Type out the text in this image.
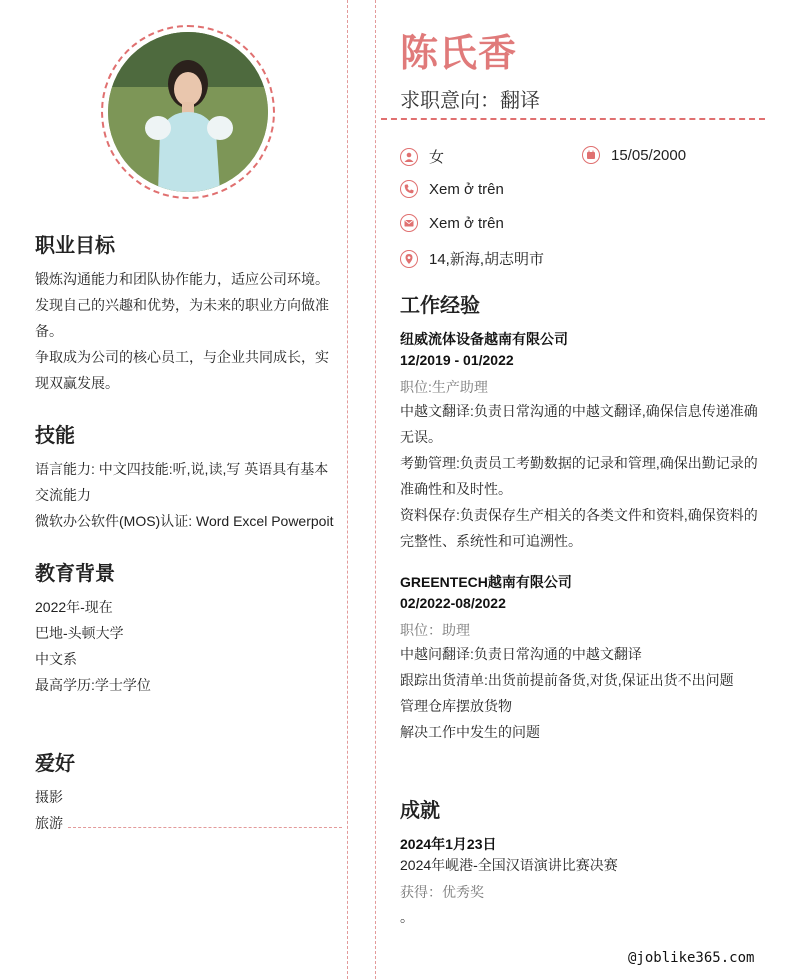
职业目标
锻炼沟通能力和团队协作能力，适应公司环境。
发现自己的兴趣和优势，为未来的职业方向做准备。
争取成为公司的核心员工，与企业共同成长，实现双赢发展。
技能
语言能力: 中文四技能:听,说,读,写 英语具有基本交流能力
微软办公软件(MOS)认证: Word Excel Powerpoit
教育背景
2022年-现在
巴地-头顿大学
中文系
最高学历:学士学位
爱好
摄影
旅游
陈氏香
求职意向：翻译
女	15/05/2000
Xem ở trên
Xem ở trên
14,新海,胡志明市
工作经验
纽威流体设备越南有限公司
12/2019 - 01/2022
职位:生产助理
中越文翻译:负责日常沟通的中越文翻译,确保信息传递准确无误。
考勤管理:负责员工考勤数据的记录和管理,确保出勤记录的准确性和及时性。
资料保存:负责保存生产相关的各类文件和资料,确保资料的完整性、系统性和可追溯性。
GREENTECH越南有限公司
02/2022-08/2022
职位：助理
中越问翻译:负责日常沟通的中越文翻译
跟踪出货清单:出货前提前备货,对货,保证出货不出问题
管理仓库摆放货物
解决工作中发生的问题
成就
2024年1月23日
2024年岘港-全国汉语演讲比赛决赛
获得：优秀奖
。
@joblike365.com
